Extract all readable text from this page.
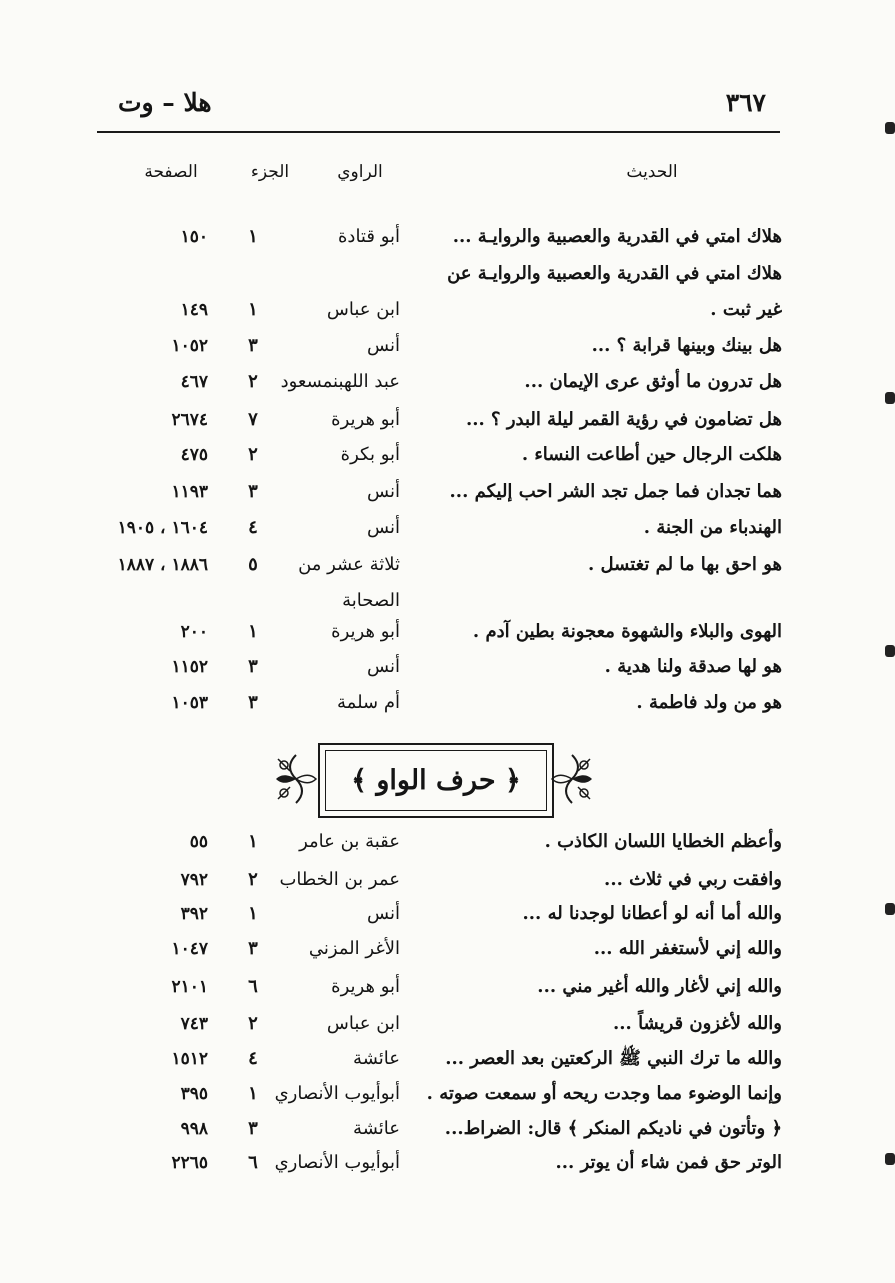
٣٦٧
هلا – وت
الحديث
الراوي
الجزء
الصفحة
هلاك امتي في القدرية والعصبية والروايـة ...
أبو قتادة
١
١٥٠
هلاك امتي في القدرية والعصبية والروايـة عن
غير ثبت .
ابن عباس
١
١٤٩
هل بينك وبينها قرابة ؟ ...
أنس
٣
١٠٥٢
هل تدرون ما أوثق عرى الإيمان ...
عبد اللهبنمسعود
٢
٤٦٧
هل تضامون في رؤية القمر ليلة البدر ؟ ...
أبو هريرة
٧
٢٦٧٤
هلكت الرجال حين أطاعت النساء .
أبو بكرة
٢
٤٧٥
هما تجدان فما جمل تجد الشر احب إليكم ...
أنس
٣
١١٩٣
الهندباء من الجنة .
أنس
٤
١٦٠٤ ، ١٩٠٥
هو احق بها ما لم تغتسل .
ثلاثة عشر من
٥
١٨٨٦ ، ١٨٨٧
الصحابة
الهوى والبلاء والشهوة معجونة بطين آدم .
أبو هريرة
١
٢٠٠
هو لها صدقة ولنا هدية .
أنس
٣
١١٥٢
هو من ولد فاطمة .
أم سلمة
٣
١٠٥٣
﴿ حرف الواو ﴾
وأعظم الخطايا اللسان الكاذب .
عقبة بن عامر
١
٥٥
وافقت ربي في ثلاث ...
عمر بن الخطاب
٢
٧٩٢
والله أما أنه لو أعطانا لوجدنا له ...
أنس
١
٣٩٢
والله إني لأستغفر الله ...
الأغر المزني
٣
١٠٤٧
والله إني لأغار والله أغير مني ...
أبو هريرة
٦
٢١٠١
والله لأغزون قريشاً ...
ابن عباس
٢
٧٤٣
والله ما ترك النبي ﷺ الركعتين بعد العصر ...
عائشة
٤
١٥١٢
وإنما الوضوء مما وجدت ريحه أو سمعت صوته .
أبوأيوب الأنصاري
١
٣٩٥
﴿ وتأتون في ناديكم المنكر ﴾ قال: الضراط...
عائشة
٣
٩٩٨
الوتر حق فمن شاء أن يوتر ...
أبوأيوب الأنصاري
٦
٢٢٦٥
